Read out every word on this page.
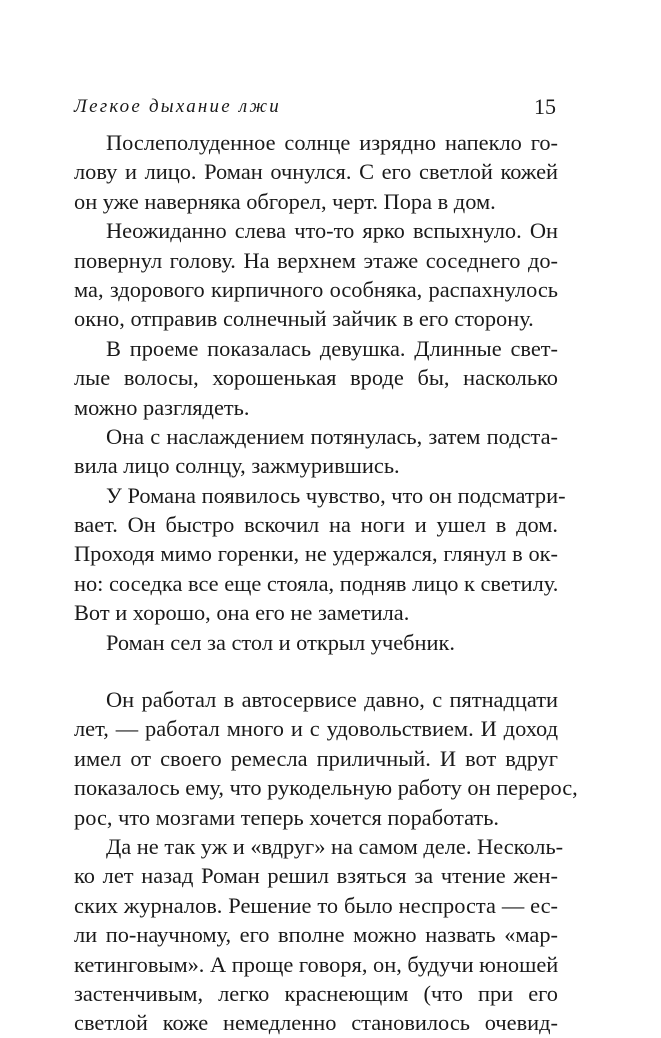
Легкое дыхание лжи	15

Послеполуденное солнце изрядно напекло го-
лову и лицо. Роман очнулся. С его светлой кожей
он уже наверняка обгорел, черт. Пора в дом.

Неожиданно слева что-то ярко вспыхнуло. Он
повернул голову. На верхнем этаже соседнего до-
ма, здорового кирпичного особняка, распахнулось
окно, отправив солнечный зайчик в его сторону.

В проеме показалась девушка. Длинные свет-
лые волосы, хорошенькая вроде бы, насколько
можно разглядеть.

Она с наслаждением потянулась, затем подста-
вила лицо солнцу, зажмурившись.

У Романа появилось чувство, что он подсматри-
вает. Он быстро вскочил на ноги и ушел в дом.
Проходя мимо горенки, не удержался, глянул в ок-
но: соседка все еще стояла, подняв лицо к светилу.
Вот и хорошо, она его не заметила.

Роман сел за стол и открыл учебник.

Он работал в автосервисе давно, с пятнадцати
лет, — работал много и с удовольствием. И доход
имел от своего ремесла приличный. И вот вдруг
показалось ему, что рукодельную работу он перерос,
рос, что мозгами теперь хочется поработать.

Да не так уж и «вдруг» на самом деле. Несколь-
ко лет назад Роман решил взяться за чтение жен-
ских журналов. Решение то было неспроста — ес-
ли по-научному, его вполне можно назвать «мар-
кетинговым». А проще говоря, он, будучи юношей
застенчивым, легко краснеющим (что при его
светлой коже немедленно становилось очевид-
